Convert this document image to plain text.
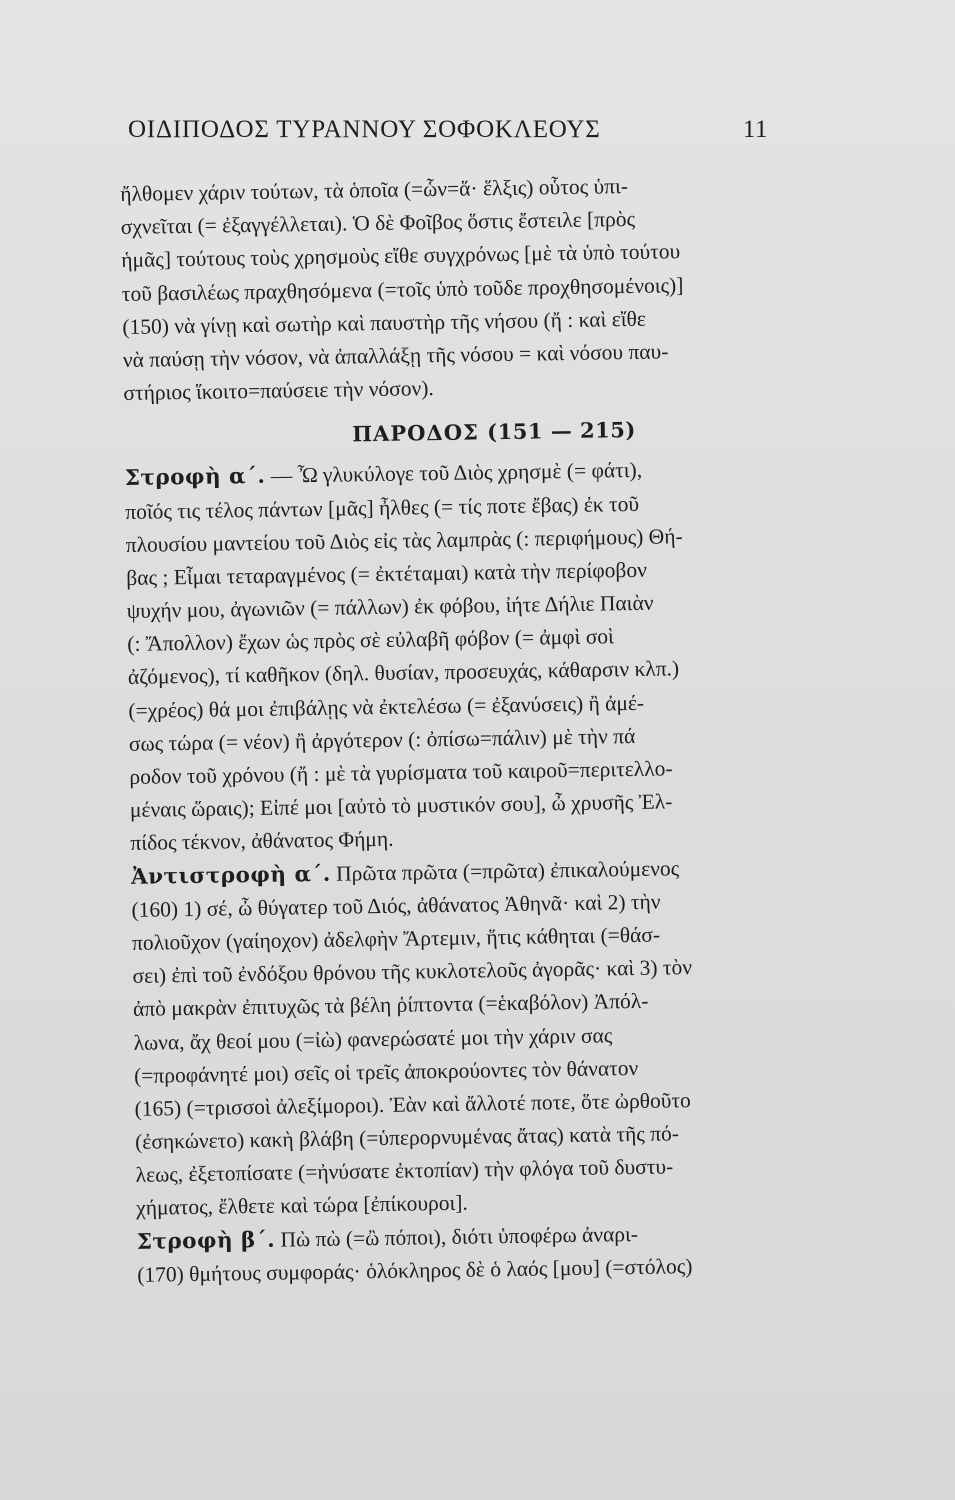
ΟΙΔΙΠΟΔΟΣ ΤΥΡΑΝΝΟΥ ΣΟΦΟΚΛΕΟΥΣ	11
ἤλθομεν χάριν τούτων, τὰ ὁποῖα (=ὧν=ἅ· ἕλξις) οὗτος ὑπι-
σχνεῖται (= ἐξαγγέλλεται). Ὁ δὲ Φοῖβος ὅστις ἔστειλε [πρὸς
ἡμᾶς] τούτους τοὺς χρησμοὺς εἴθε συγχρόνως [μὲ τὰ ὑπὸ τούτου
τοῦ βασιλέως πραχθησόμενα (=τοῖς ὑπὸ τοῦδε προχθησομένοις)]
(150) νὰ γίνῃ καὶ σωτὴρ καὶ παυστὴρ τῆς νήσου (ἤ : καὶ εἴθε
νὰ παύσῃ τὴν νόσον, νὰ ἀπαλλάξῃ τῆς νόσου = καὶ νόσου παυ-
στήριος ἵκοιτο=παύσειε τὴν νόσον).
ΠΑΡΟΔΟΣ (151 — 215)
Στροφὴ α΄. — Ὦ γλυκύλογε τοῦ Διὸς χρησμὲ (= φάτι),
ποῖός τις τέλος πάντων [μᾶς] ἦλθες (= τίς ποτε ἔβας) ἐκ τοῦ
πλουσίου μαντείου τοῦ Διὸς εἰς τὰς λαμπρὰς (: περιφήμους) Θή-
βας ; Εἶμαι τεταραγμένος (= ἐκτέταμαι) κατὰ τὴν περίφοβον
ψυχήν μου, ἀγωνιῶν (= πάλλων) ἐκ φόβου, ἰήτε Δήλιε Παιὰν
(: Ἄπολλον) ἔχων ὡς πρὸς σὲ εὐλαβῆ φόβον (= ἀμφὶ σοὶ
ἀζόμενος), τί καθῆκον (δηλ. θυσίαν, προσευχάς, κάθαρσιν κλπ.)
(=χρέος) θά μοι ἐπιβάλῃς νὰ ἐκτελέσω (= ἐξανύσεις) ἢ ἀμέ-
σως τώρα (= νέον) ἢ ἀργότερον (: ὀπίσω=πάλιν) μὲ τὴν πά
ροδον τοῦ χρόνου (ἤ : μὲ τὰ γυρίσματα τοῦ καιροῦ=περιτελλο-
μέναις ὥραις); Εἰπέ μοι [αὐτὸ τὸ μυστικόν σου], ὦ χρυσῆς Ἐλ-
πίδος τέκνον, ἀθάνατος Φήμη.
Ἀντιστροφὴ α΄. Πρῶτα πρῶτα (=πρῶτα) ἐπικαλούμενος
(160) 1) σέ, ὦ θύγατερ τοῦ Διός, ἀθάνατος Ἀθηνᾶ· καὶ 2) τὴν
πολιοῦχον (γαίηοχον) ἀδελφὴν Ἄρτεμιν, ἥτις κάθηται (=θάσ-
σει) ἐπὶ τοῦ ἐνδόξου θρόνου τῆς κυκλοτελοῦς ἀγορᾶς· καὶ 3) τὸν
ἀπὸ μακρὰν ἐπιτυχῶς τὰ βέλη ῥίπτοντα (=ἑκαβόλον) Ἀπόλ-
λωνα, ἄχ θεοί μου (=ἰὼ) φανερώσατέ μοι τὴν χάριν σας
(=προφάνητέ μοι) σεῖς οἱ τρεῖς ἀποκρούοντες τὸν θάνατον
(165) (=τρισσοὶ ἀλεξίμοροι). Ἐὰν καὶ ἄλλοτέ ποτε, ὅτε ὠρθοῦτο
(ἐσηκώνετο) κακὴ βλάβη (=ὑπερορνυμένας ἄτας) κατὰ τῆς πό-
λεως, ἐξετοπίσατε (=ἠνύσατε ἐκτοπίαν) τὴν φλόγα τοῦ δυστυ-
χήματος, ἔλθετε καὶ τώρα [ἐπίκουροι].
Στροφὴ β΄. Πὼ πὼ (=ὢ πόποι), διότι ὑποφέρω ἀναρι-
(170) θμήτους συμφοράς· ὁλόκληρος δὲ ὁ λαός [μου] (=στόλος)
